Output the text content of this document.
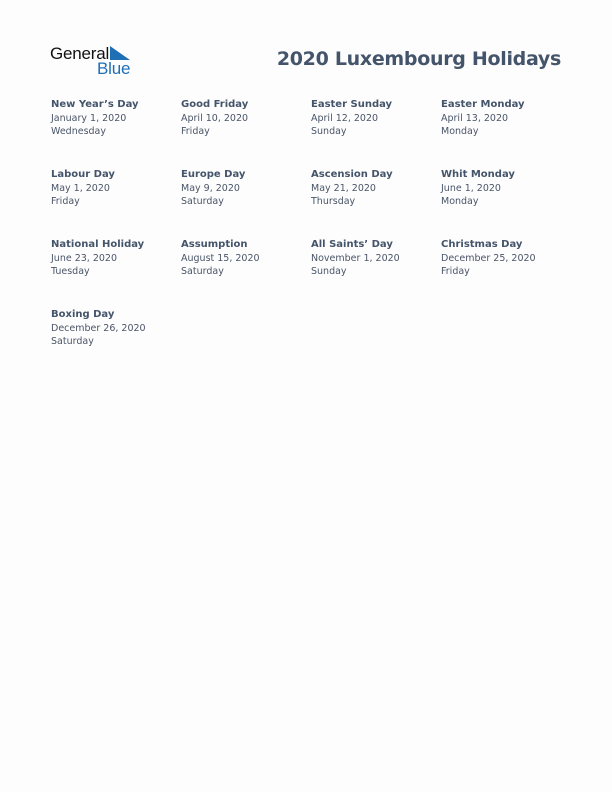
General
Blue	2020 Luxembourg Holidays
New Year’s Day
January 1, 2020
Wednesday
Good Friday
April 10, 2020
Friday
Easter Sunday
April 12, 2020
Sunday
Easter Monday
April 13, 2020
Monday
Labour Day
May 1, 2020
Friday
Europe Day
May 9, 2020
Saturday
Ascension Day
May 21, 2020
Thursday
Whit Monday
June 1, 2020
Monday
National Holiday
June 23, 2020
Tuesday
Assumption
August 15, 2020
Saturday
All Saints’ Day
November 1, 2020
Sunday
Christmas Day
December 25, 2020
Friday
Boxing Day
December 26, 2020
Saturday
